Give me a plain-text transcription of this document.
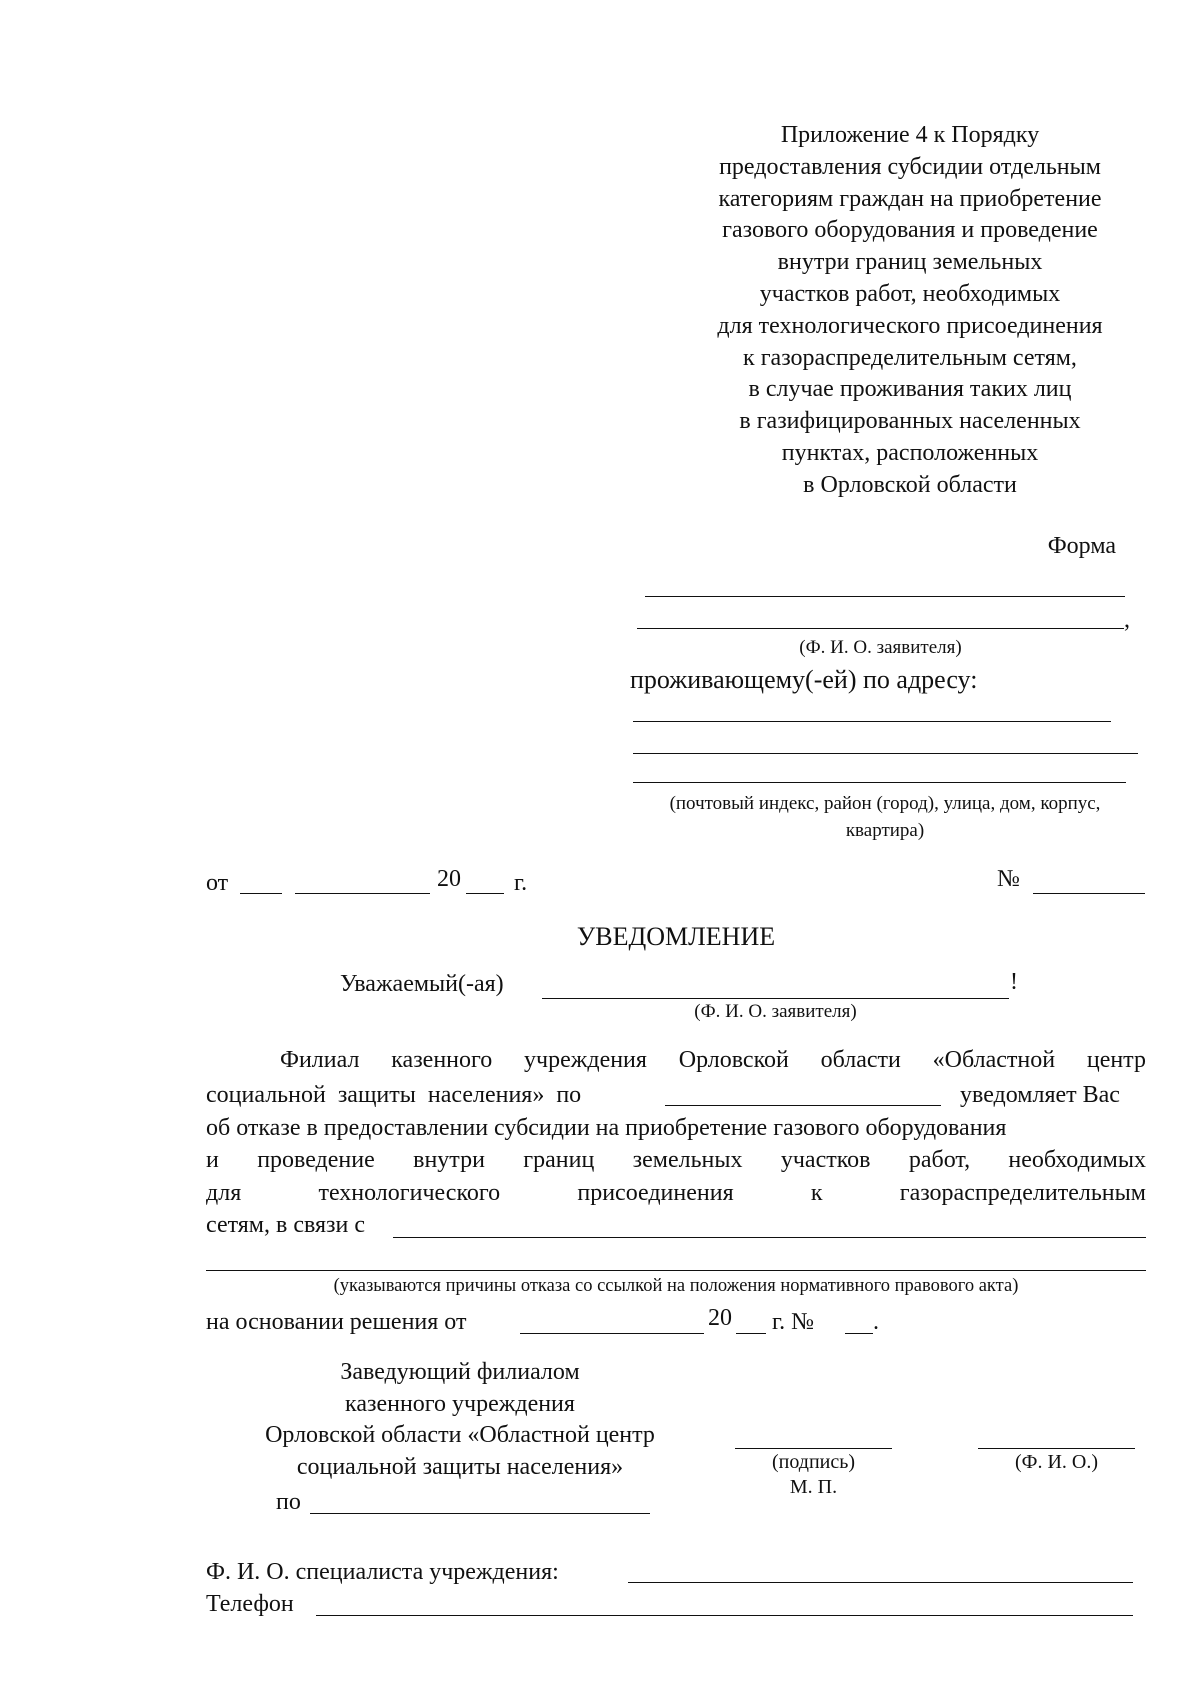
Приложение 4 к Порядку
предоставления субсидии отдельным
категориям граждан на приобретение
газового оборудования и проведение
внутри границ земельных
участков работ, необходимых
для технологического присоединения
к газораспределительным сетям,
в случае проживания таких лиц
в газифицированных населенных
пунктах, расположенных
в Орловской области
Форма
,
(Ф. И. О. заявителя)
проживающему(-ей) по адресу:
(почтовый индекс, район (город), улица, дом, корпус,
квартира)
от	20 г.	№
УВЕДОМЛЕНИЕ
Уважаемый(-ая)	!
(Ф. И. О. заявителя)
Филиал казенного учреждения Орловской области «Областной центр
социальной защиты населения» по	уведомляет Вас
об отказе в предоставлении субсидии на приобретение газового оборудования
и проведение внутри границ земельных участков работ, необходимых
для	технологического	присоединения	к	газораспределительным
сетям, в связи с
(указываются причины отказа со ссылкой на положения нормативного правового акта)
на основании решения от	20 г. № .
Заведующий филиалом
казенного учреждения
Орловской области «Областной центр
социальной защиты населения»
по
(подпись)
М. П.
(Ф. И. О.)
Ф. И. О. специалиста учреждения:
Телефон
